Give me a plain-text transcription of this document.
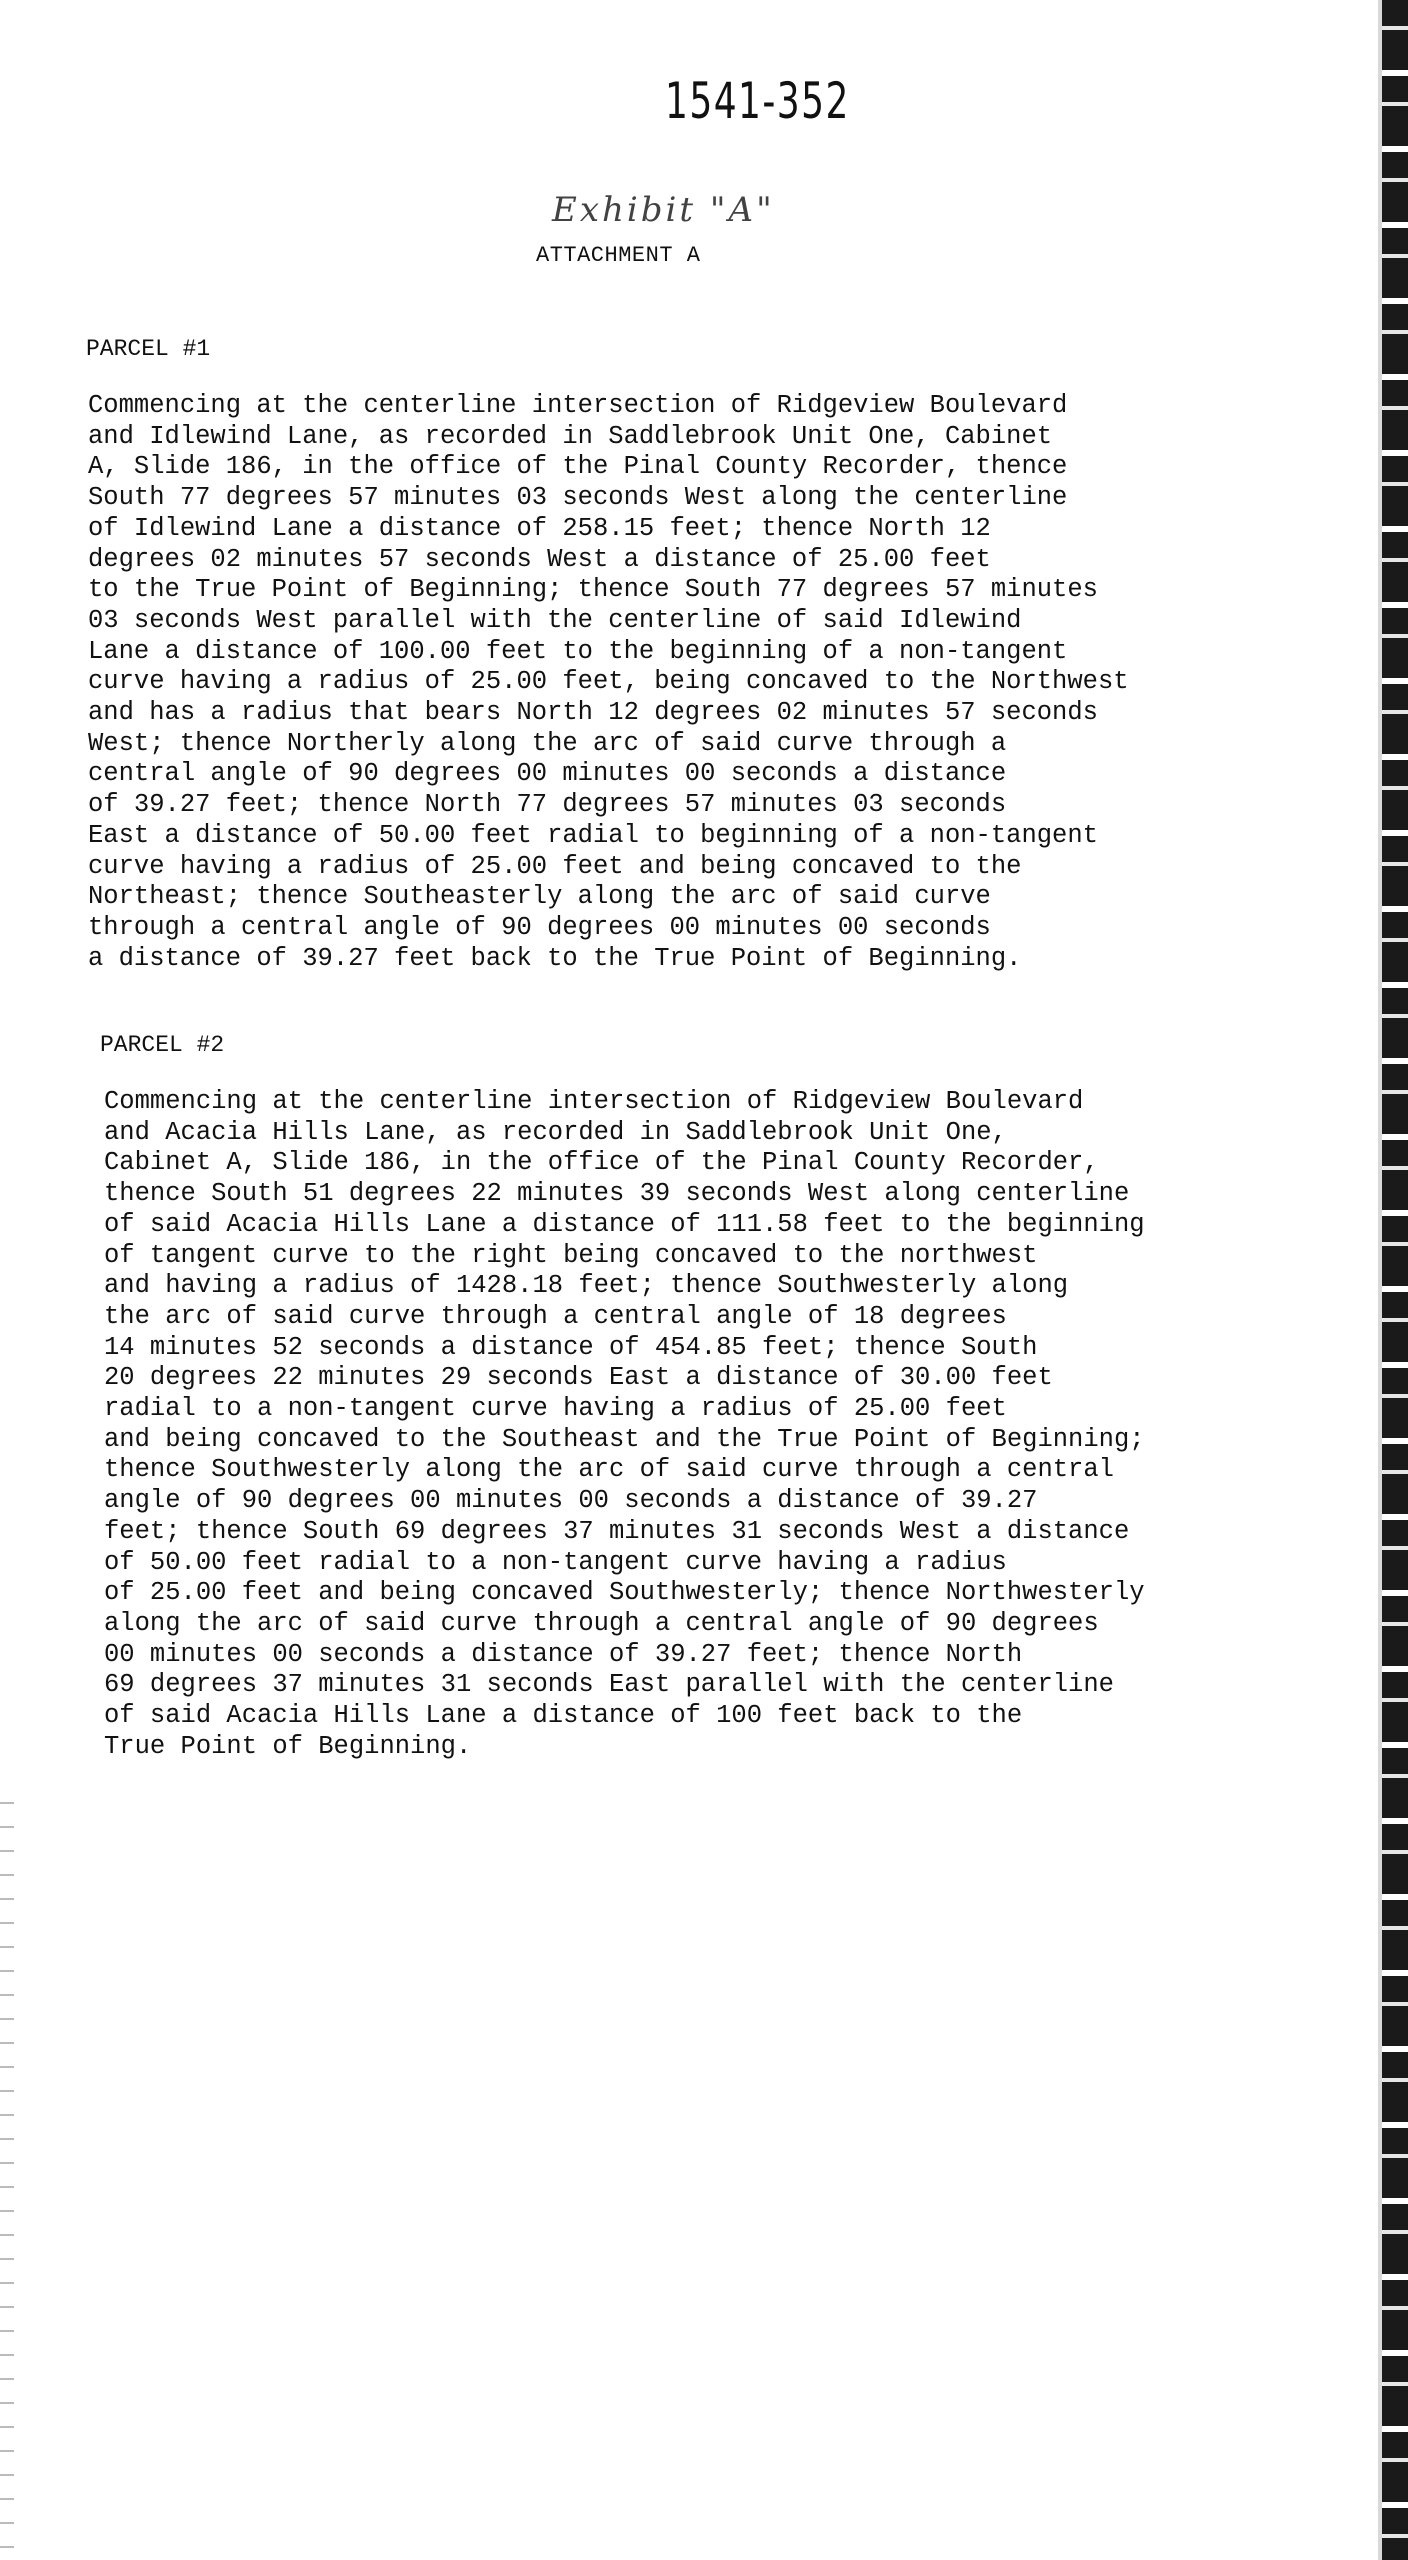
1541-352
Exhibit "A"
ATTACHMENT A
PARCEL #1
Commencing at the centerline intersection of Ridgeview Boulevard
and Idlewind Lane, as recorded in Saddlebrook Unit One, Cabinet
A, Slide 186, in the office of the Pinal County Recorder, thence
South 77 degrees 57 minutes 03 seconds West along the centerline
of Idlewind Lane a distance of 258.15 feet; thence North 12
degrees 02 minutes 57 seconds West a distance of 25.00 feet
to the True Point of Beginning; thence South 77 degrees 57 minutes
03 seconds West parallel with the centerline of said Idlewind
Lane a distance of 100.00 feet to the beginning of a non-tangent
curve having a radius of 25.00 feet, being concaved to the Northwest
and has a radius that bears North 12 degrees 02 minutes 57 seconds
West; thence Northerly along the arc of said curve through a
central angle of 90 degrees 00 minutes 00 seconds a distance
of 39.27 feet; thence North 77 degrees 57 minutes 03 seconds
East a distance of 50.00 feet radial to beginning of a non-tangent
curve having a radius of 25.00 feet and being concaved to the
Northeast; thence Southeasterly along the arc of said curve
through a central angle of 90 degrees 00 minutes 00 seconds
a distance of 39.27 feet back to the True Point of Beginning.
PARCEL #2
Commencing at the centerline intersection of Ridgeview Boulevard
and Acacia Hills Lane, as recorded in Saddlebrook Unit One,
Cabinet A, Slide 186, in the office of the Pinal County Recorder,
thence South 51 degrees 22 minutes 39 seconds West along centerline
of said Acacia Hills Lane a distance of 111.58 feet to the beginning
of tangent curve to the right being concaved to the northwest
and having a radius of 1428.18 feet; thence Southwesterly along
the arc of said curve through a central angle of 18 degrees
14 minutes 52 seconds a distance of 454.85 feet; thence South
20 degrees 22 minutes 29 seconds East a distance of 30.00 feet
radial to a non-tangent curve having a radius of 25.00 feet
and being concaved to the Southeast and the True Point of Beginning;
thence Southwesterly along the arc of said curve through a central
angle of 90 degrees 00 minutes 00 seconds a distance of 39.27
feet; thence South 69 degrees 37 minutes 31 seconds West a distance
of 50.00 feet radial to a non-tangent curve having a radius
of 25.00 feet and being concaved Southwesterly; thence Northwesterly
along the arc of said curve through a central angle of 90 degrees
00 minutes 00 seconds a distance of 39.27 feet; thence North
69 degrees 37 minutes 31 seconds East parallel with the centerline
of said Acacia Hills Lane a distance of 100 feet back to the
True Point of Beginning.
